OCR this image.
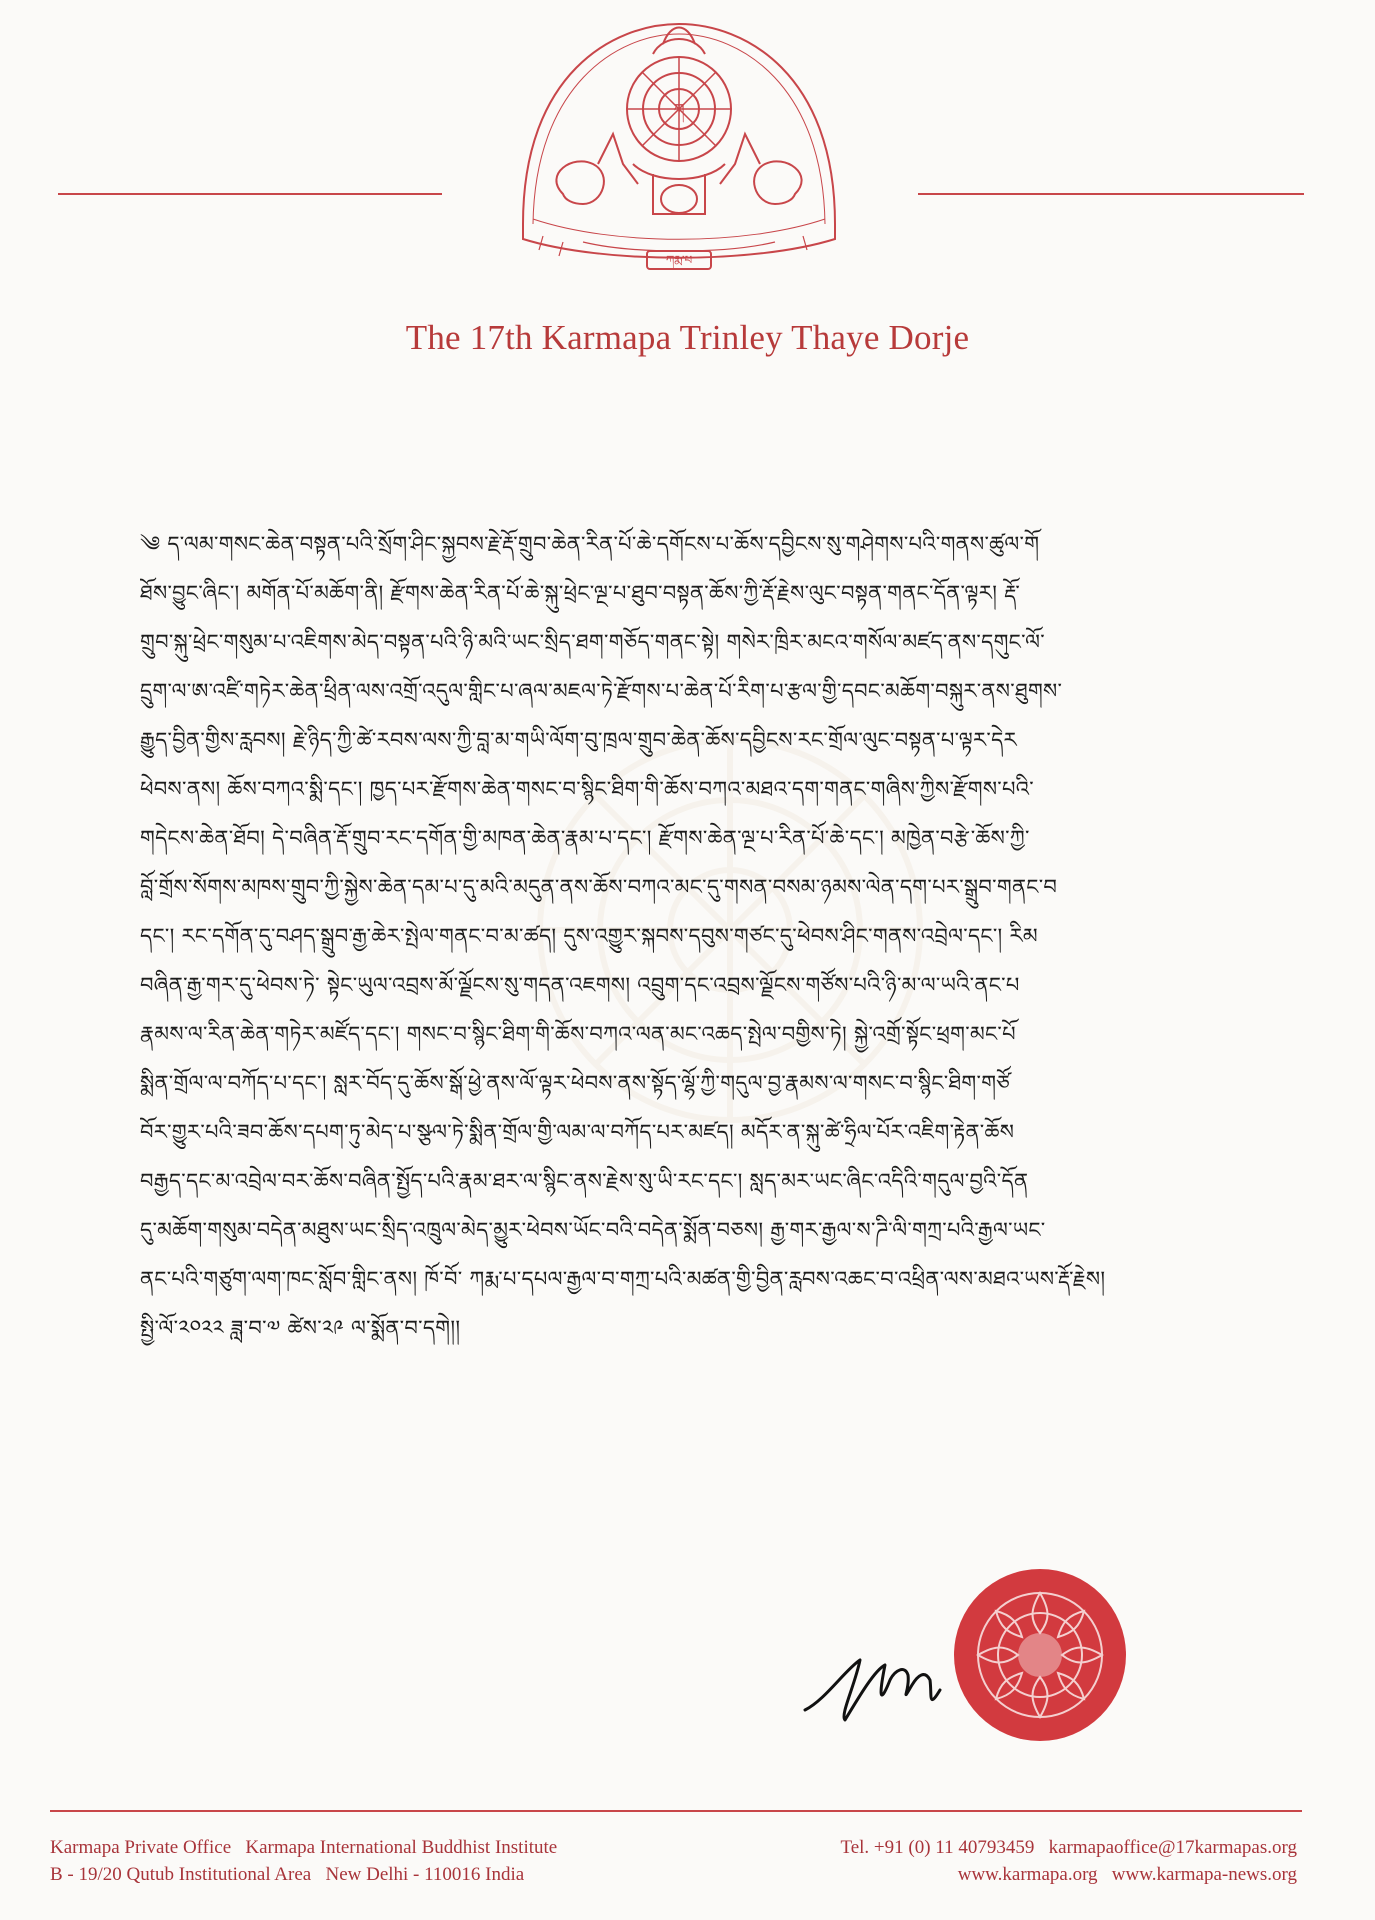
ཀརྨ་པ
ཀ
The 17th Karmapa Trinley Thaye Dorje
༄ ད་ལམ་གསང་ཆེན་བསྟན་པའི་སྲོག་ཤིང་སྐྱབས་རྗེ་རྡོ་གྲུབ་ཆེན་རིན་པོ་ཆེ་དགོངས་པ་ཆོས་དབྱིངས་སུ་གཤེགས་པའི་གནས་ཚུལ་གོ
ཐོས་བྱུང་ཞིང་། མགོན་པོ་མཆོག་ནི། རྫོགས་ཆེན་རིན་པོ་ཆེ་སྐུ་ཕྲེང་ལྔ་པ་ཐུབ་བསྟན་ཆོས་ཀྱི་རྡོ་རྗེས་ལུང་བསྟན་གནང་དོན་ལྟར། རྡོ་
གྲུབ་སྐུ་ཕྲེང་གསུམ་པ་འཇིགས་མེད་བསྟན་པའི་ཉི་མའི་ཡང་སྲིད་ཐག་གཅོད་གནང་སྟེ། གསེར་ཁྲིར་མངའ་གསོལ་མཛད་ནས་དགུང་ལོ་
དྲུག་ལ་ཨ་འཛི་གཏེར་ཆེན་ཕྲིན་ལས་འགྲོ་འདུལ་གླིང་པ་ཞལ་མཇལ་ཏེ་རྫོགས་པ་ཆེན་པོ་རིག་པ་རྩལ་གྱི་དབང་མཆོག་བསྐུར་ནས་ཐུགས་
རྒྱུད་བྱིན་གྱིས་རླབས། རྗེ་ཉིད་ཀྱི་ཚེ་རབས་ལས་ཀྱི་བླ་མ་གཡི་ལོག་བུ་ཁྲལ་གྲུབ་ཆེན་ཆོས་དབྱིངས་རང་གྲོལ་ལུང་བསྟན་པ་ལྟར་དེར
ཕེབས་ནས། ཆོས་བཀའ་སྨི་དང་། ཁྱད་པར་རྫོགས་ཆེན་གསང་བ་སྙིང་ཐིག་གི་ཆོས་བཀའ་མཐའ་དག་གནང་གཞིས་ཀྱིས་རྫོགས་པའི་
གདེངས་ཆེན་ཐོབ། དེ་བཞིན་རྡོ་གྲུབ་རང་དགོན་གྱི་མཁན་ཆེན་རྣམ་པ་དང་། རྫོགས་ཆེན་ལྔ་པ་རིན་པོ་ཆེ་དང་། མཁྱེན་བརྩེ་ཆོས་ཀྱི་
བློ་གྲོས་སོགས་མཁས་གྲུབ་ཀྱི་སྐྱེས་ཆེན་དམ་པ་དུ་མའི་མདུན་ནས་ཆོས་བཀའ་མང་དུ་གསན་བསམ་ཉམས་ལེན་དག་པར་སྒྲུབ་གནང་བ
དང་། རང་དགོན་དུ་བཤད་སྒྲུབ་རྒྱ་ཆེར་སྤེལ་གནང་བ་མ་ཚད། དུས་འགྱུར་སྐབས་དབུས་གཙང་དུ་ཕེབས་ཤིང་གནས་འབྲེལ་དང་། རིམ
བཞིན་རྒྱ་གར་དུ་ཕེབས་ཏེ་ སྟེང་ཡུལ་འབྲས་མོ་ལྗོངས་སུ་གདན་འཇགས། འབྲུག་དང་འབྲས་ལྗོངས་གཙོས་པའི་ཉི་མ་ལ་ཡའི་ནང་པ
རྣམས་ལ་རིན་ཆེན་གཏེར་མཛོད་དང་། གསང་བ་སྙིང་ཐིག་གི་ཆོས་བཀའ་ལན་མང་འཆད་སྤེལ་བགྱིས་ཏེ། སྐྱེ་འགྲོ་སྟོང་ཕྲག་མང་པོ
སྨིན་གྲོལ་ལ་བཀོད་པ་དང་། སླར་བོད་དུ་ཆོས་སྒོ་ཕྱེ་ནས་ལོ་ལྟར་ཕེབས་ནས་སྟོད་ལྷོ་ཀྱི་གདུལ་བྱ་རྣམས་ལ་གསང་བ་སྙིང་ཐིག་གཙོ
བོར་གྱུར་པའི་ཟབ་ཆོས་དཔག་ཏུ་མེད་པ་སྩལ་ཏེ་སྨིན་གྲོལ་གྱི་ལམ་ལ་བཀོད་པར་མཛད། མདོར་ན་སྐུ་ཚེ་ཧྲིལ་པོར་འཇིག་རྟེན་ཆོས
བརྒྱད་དང་མ་འབྲེལ་བར་ཆོས་བཞིན་སྤྱོད་པའི་རྣམ་ཐར་ལ་སྙིང་ནས་རྗེས་སུ་ཡི་རང་དང་། སླད་མར་ཡང་ཞིང་འདིའི་གདུལ་བྱའི་དོན
དུ་མཆོག་གསུམ་བདེན་མཐུས་ཡང་སྲིད་འཁྲུལ་མེད་མྱུར་ཕེབས་ཡོང་བའི་བདེན་སྨོན་བཅས། རྒྱ་གར་རྒྱལ་ས་ཌི་ལི་གཀྲ་པའི་རྒྱལ་ཡང་
ནང་པའི་གཙུག་ལག་ཁང་སློབ་གླིང་ནས། ཁོ་བོ་ ཀརྨ་པ་དཔལ་རྒྱལ་བ་གཀྲ་པའི་མཚན་གྱི་བྱིན་རླབས་འཆང་བ་འཕྲིན་ལས་མཐའ་ཡས་རྡོ་རྗེས།
སྤྱི་ལོ་༢༠༢༢ ཟླ་བ་༧ ཚེས་༢༩ ལ་སྨོན་བ་དགེ།།
Karmapa Private Office   Karmapa International Buddhist Institute
B - 19/20 Qutub Institutional Area   New Delhi - 110016 India
Tel. +91 (0) 11 40793459   karmapaoffice@17karmapas.org
www.karmapa.org   www.karmapa-news.org
